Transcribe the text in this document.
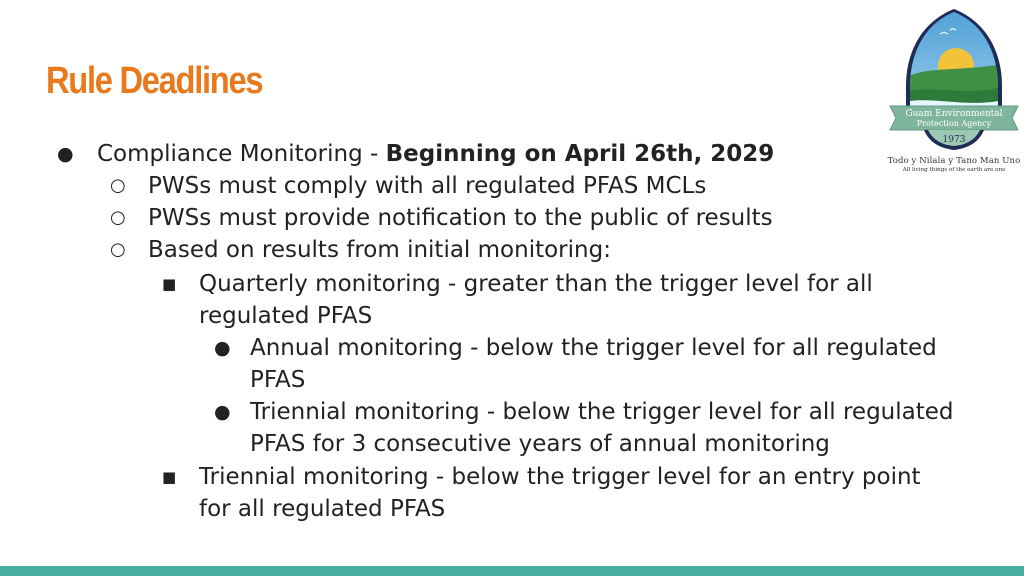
Rule Deadlines
Guam Environmental
Protection Agency
1973
Todo y Nilala y Tano Man Uno
All living things of the earth are one
● Compliance Monitoring - Beginning on April 26th, 2029
○ PWSs must comply with all regulated PFAS MCLs
○ PWSs must provide notification to the public of results
○ Based on results from initial monitoring:
■ Quarterly monitoring - greater than the trigger level for all
regulated PFAS
● Annual monitoring - below the trigger level for all regulated
PFAS
● Triennial monitoring - below the trigger level for all regulated
PFAS for 3 consecutive years of annual monitoring
■ Triennial monitoring - below the trigger level for an entry point
for all regulated PFAS
